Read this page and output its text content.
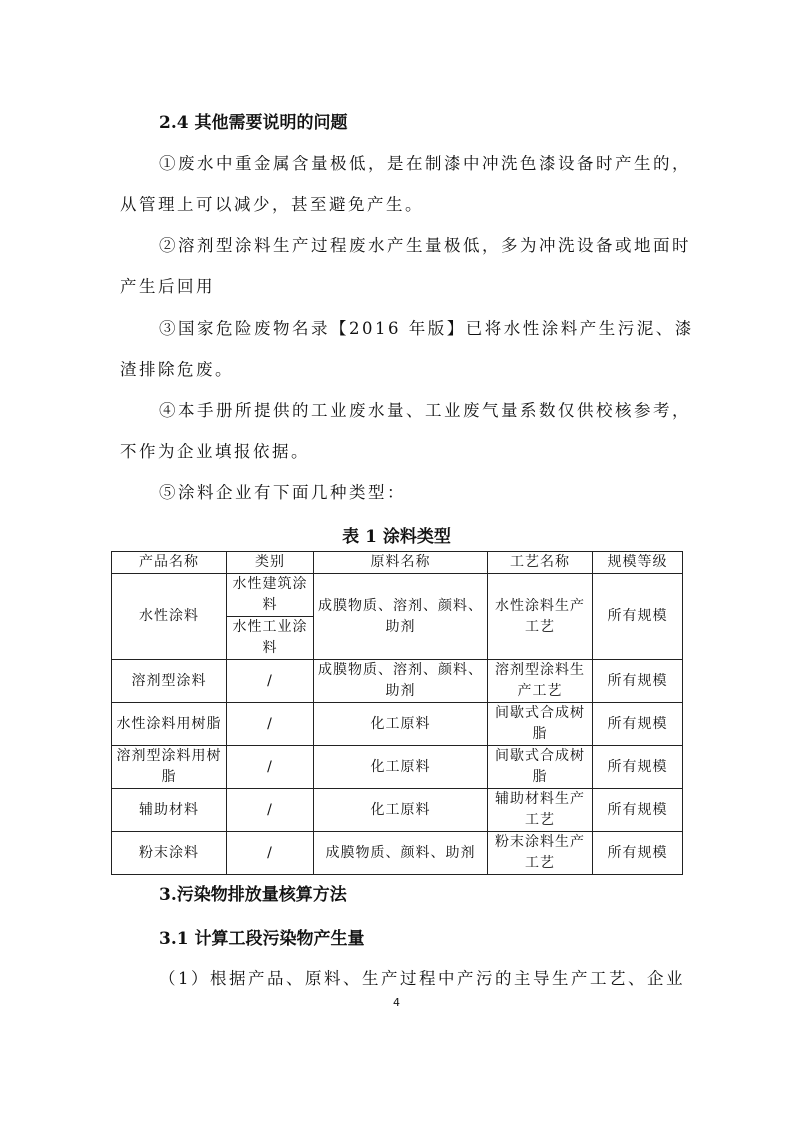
2.4 其他需要说明的问题
①废水中重金属含量极低，是在制漆中冲洗色漆设备时产生的，
从管理上可以减少，甚至避免产生。
②溶剂型涂料生产过程废水产生量极低，多为冲洗设备或地面时
产生后回用
③国家危险废物名录【2016 年版】已将水性涂料产生污泥、漆
渣排除危废。
④本手册所提供的工业废水量、工业废气量系数仅供校核参考，
不作为企业填报依据。
⑤涂料企业有下面几种类型：
表 1 涂料类型
产品名称	类别	原料名称	工艺名称	规模等级
水性涂料	水性建筑涂料	成膜物质、溶剂、颜料、助剂	水性涂料生产工艺	所有规模
	水性工业涂料			
溶剂型涂料	/	成膜物质、溶剂、颜料、助剂	溶剂型涂料生产工艺	所有规模
水性涂料用树脂	/	化工原料	间歇式合成树脂	所有规模
溶剂型涂料用树脂	/	化工原料	间歇式合成树脂	所有规模
辅助材料	/	化工原料	辅助材料生产工艺	所有规模
粉末涂料	/	成膜物质、颜料、助剂	粉末涂料生产工艺	所有规模
3.污染物排放量核算方法
3.1 计算工段污染物产生量
（1）根据产品、原料、生产过程中产污的主导生产工艺、企业
4
